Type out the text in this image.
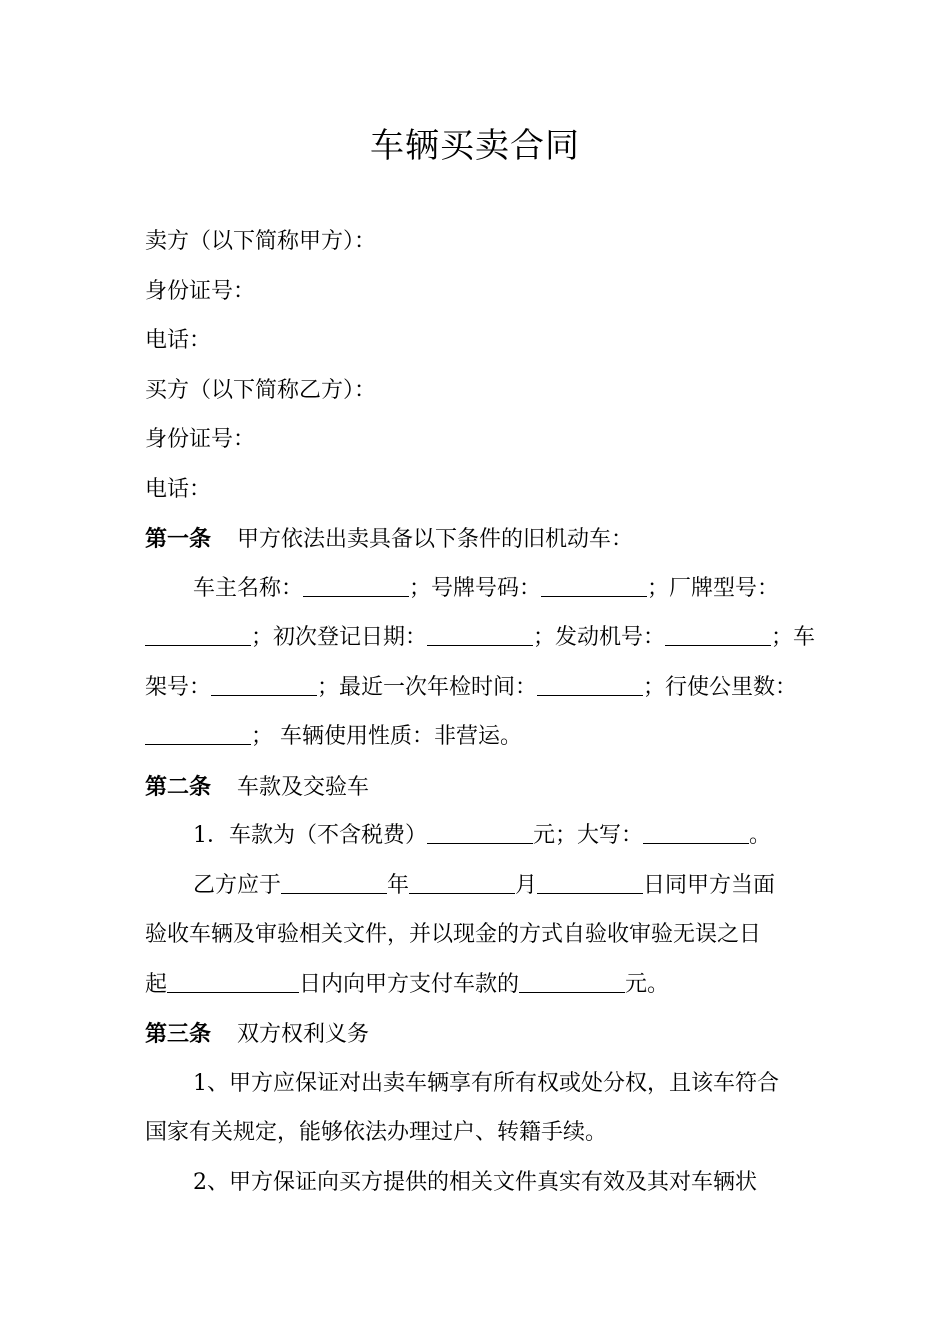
车辆买卖合同
卖方（以下简称甲方）：
身份证号：
电话：
买方（以下简称乙方）：
身份证号：
电话：
第一条 甲方依法出卖具备以下条件的旧机动车：
车主名称：	；号牌号码：	；厂牌型号：
；初次登记日期：	；发动机号：	；车
架号：	；最近一次年检时间：	；行使公里数：
； 车辆使用性质：非营运。
第二条 车款及交验车
1．车款为（不含税费）	元；大写：	。
乙方应于	年	月	日同甲方当面
验收车辆及审验相关文件，并以现金的方式自验收审验无误之日
起	日内向甲方支付车款的	元。
第三条 双方权利义务
1、甲方应保证对出卖车辆享有所有权或处分权，且该车符合
国家有关规定，能够依法办理过户、转籍手续。
2、甲方保证向买方提供的相关文件真实有效及其对车辆状
